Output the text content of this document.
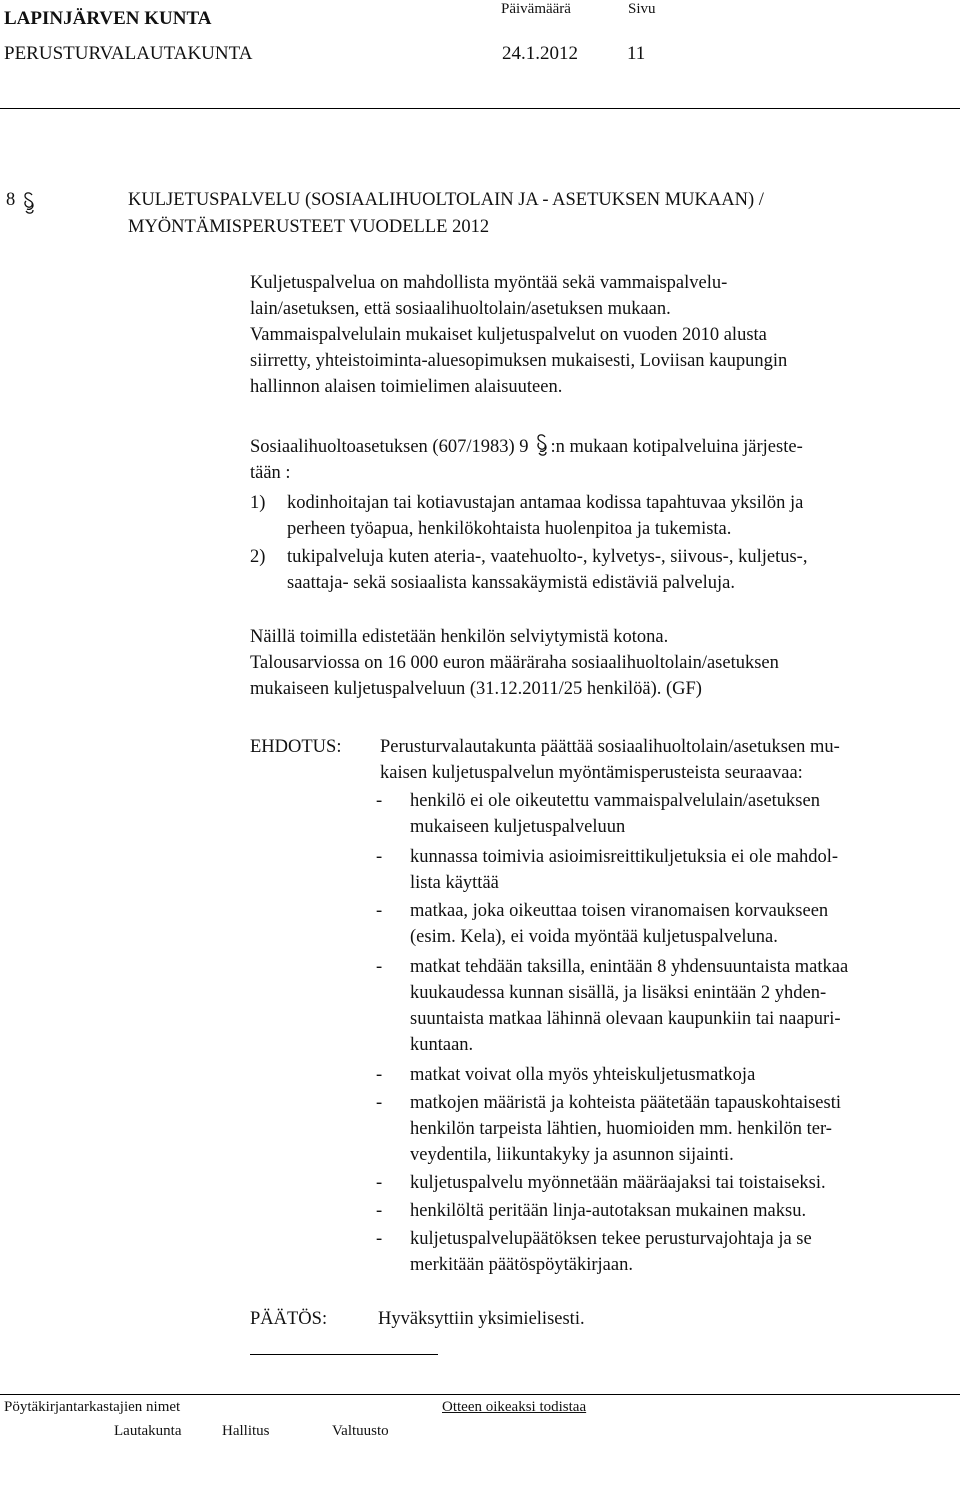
LAPINJÄRVEN KUNTA	Päivämäärä	Sivu
PERUSTURVALAUTAKUNTA	24.1.2012	11
8	KULJETUSPALVELU (SOSIAALIHUOLTOLAIN JA - ASETUKSEN MUKAAN) /
MYÖNTÄMISPERUSTEET VUODELLE 2012
Kuljetuspalvelua on mahdollista myöntää sekä vammaispalvelu-
lain/asetuksen, että sosiaalihuoltolain/asetuksen mukaan.
Vammaispalvelulain mukaiset kuljetuspalvelut on vuoden 2010 alusta
siirretty, yhteistoiminta-aluesopimuksen mukaisesti, Loviisan kaupungin
hallinnon alaisen toimielimen alaisuuteen.
Sosiaalihuoltoasetuksen (607/1983) 9 :n mukaan kotipalveluina järjeste-
tään :
1) kodinhoitajan tai kotiavustajan antamaa kodissa tapahtuvaa yksilön ja
perheen työapua, henkilökohtaista huolenpitoa ja tukemista.
2) tukipalveluja kuten ateria-, vaatehuolto-, kylvetys-, siivous-, kuljetus-,
saattaja- sekä sosiaalista kanssakäymistä edistäviä palveluja.
Näillä toimilla edistetään henkilön selviytymistä kotona.
Talousarviossa on 16 000 euron määräraha sosiaalihuoltolain/asetuksen
mukaiseen kuljetuspalveluun (31.12.2011/25 henkilöä). (GF)
EHDOTUS: Perusturvalautakunta päättää sosiaalihuoltolain/asetuksen mu-
kaisen kuljetuspalvelun myöntämisperusteista seuraavaa:
- henkilö ei ole oikeutettu vammaispalvelulain/asetuksen
mukaiseen kuljetuspalveluun
- kunnassa toimivia asioimisreittikuljetuksia ei ole mahdol-
lista käyttää
- matkaa, joka oikeuttaa toisen viranomaisen korvaukseen
(esim. Kela), ei voida myöntää kuljetuspalveluna.
- matkat tehdään taksilla, enintään 8 yhdensuuntaista matkaa
kuukaudessa kunnan sisällä, ja lisäksi enintään 2 yhden-
suuntaista matkaa lähinnä olevaan kaupunkiin tai naapuri-
kuntaan.
- matkat voivat olla myös yhteiskuljetusmatkoja
- matkojen määristä ja kohteista päätetään tapauskohtaisesti
henkilön tarpeista lähtien, huomioiden mm. henkilön ter-
veydentila, liikuntakyky ja asunnon sijainti.
- kuljetuspalvelu myönnetään määräajaksi tai toistaiseksi.
- henkilöltä peritään linja-autotaksan mukainen maksu.
- kuljetuspalvelupäätöksen tekee perusturvajohtaja ja se
merkitään päätöspöytäkirjaan.
PÄÄTÖS:	Hyväksyttiin yksimielisesti.
Pöytäkirjantarkastajien nimet	Otteen oikeaksi todistaa
Lautakunta	Hallitus	Valtuusto
